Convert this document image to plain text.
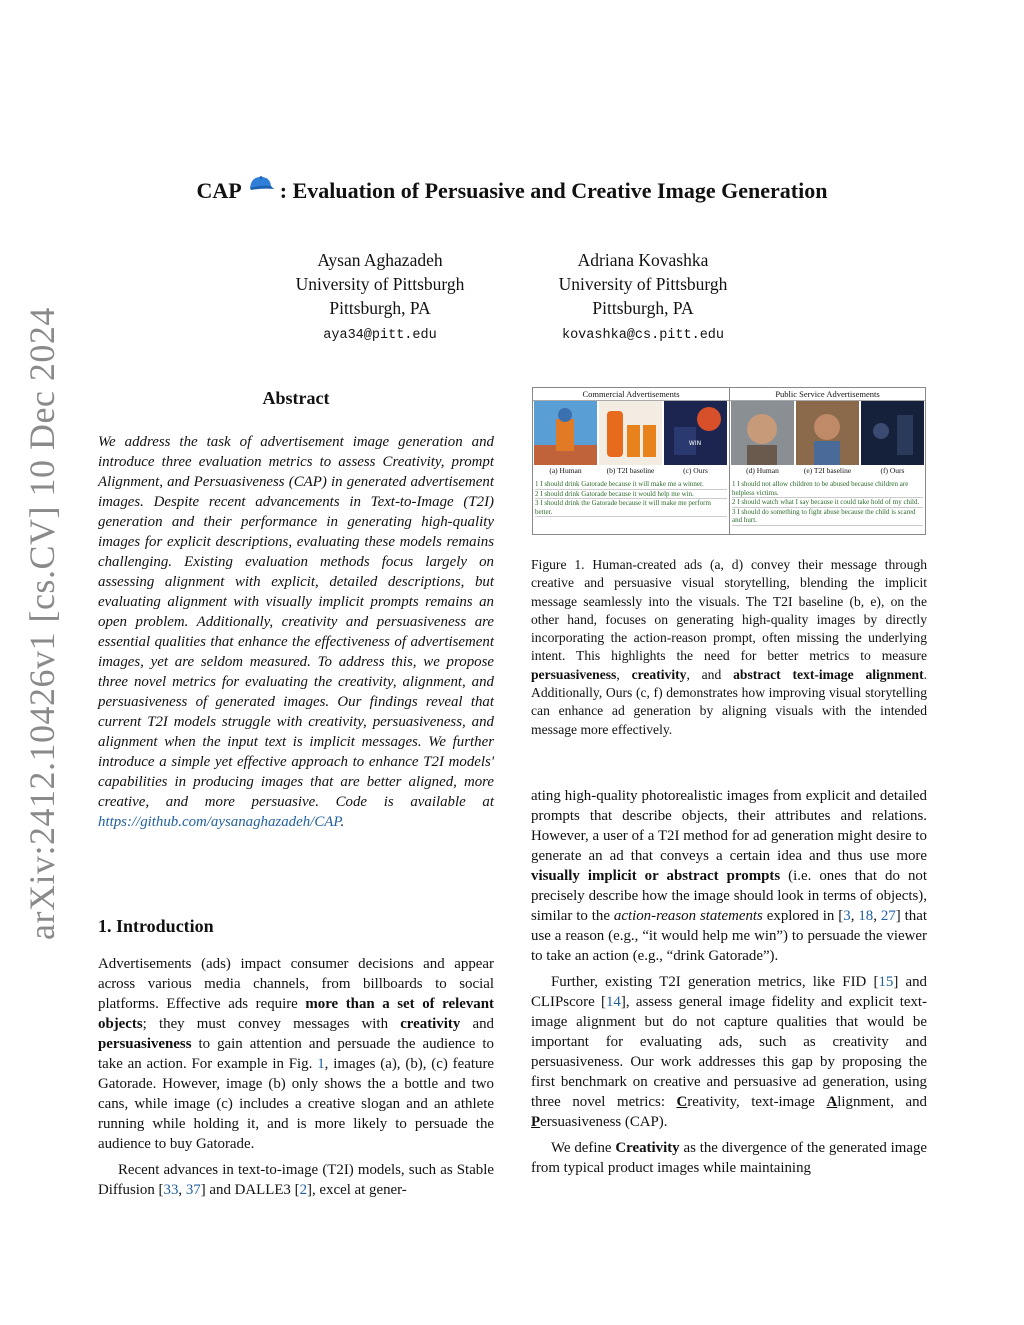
arXiv:2412.10426v1 [cs.CV] 10 Dec 2024
CAP : Evaluation of Persuasive and Creative Image Generation
Aysan Aghazadeh
University of Pittsburgh
Pittsburgh, PA
aya34@pitt.edu
Adriana Kovashka
University of Pittsburgh
Pittsburgh, PA
kovashka@cs.pitt.edu
Abstract
We address the task of advertisement image generation and introduce three evaluation metrics to assess Creativity, prompt Alignment, and Persuasiveness (CAP) in generated advertisement images. Despite recent advancements in Text-to-Image (T2I) generation and their performance in generating high-quality images for explicit descriptions, evaluating these models remains challenging. Existing evaluation methods focus largely on assessing alignment with explicit, detailed descriptions, but evaluating alignment with visually implicit prompts remains an open problem. Additionally, creativity and persuasiveness are essential qualities that enhance the effectiveness of advertisement images, yet are seldom measured. To address this, we propose three novel metrics for evaluating the creativity, alignment, and persuasiveness of generated images. Our findings reveal that current T2I models struggle with creativity, persuasiveness, and alignment when the input text is implicit messages. We further introduce a simple yet effective approach to enhance T2I models' capabilities in producing images that are better aligned, more creative, and more persuasive. Code is available at https://github.com/aysanaghazadeh/CAP.
1. Introduction

Advertisements (ads) impact consumer decisions and appear across various media channels, from billboards to social platforms. Effective ads require more than a set of relevant objects; they must convey messages with creativity and persuasiveness to gain attention and persuade the audience to take an action. For example in Fig. 1, images (a), (b), (c) feature Gatorade. However, image (b) only shows the a bottle and two cans, while image (c) includes a creative slogan and an athlete running while holding it, and is more likely to persuade the audience to buy Gatorade.

Recent advances in text-to-image (T2I) models, such as Stable Diffusion [33, 37] and DALLE3 [2], excel at gener-

Commercial Advertisements
WIN
(a) Human	(b) T2I baseline	(c) Ours
1 I should drink Gatorade because it will make me a winner.
2 I should drink Gatorade because it would help me win.
3 I should drink the Gatorade because it will make me perform better.
Public Service Advertisements
(d) Human	(e) T2I baseline	(f) Ours
1 I should not allow children to be abused because children are helpless victims.
2 I should watch what I say because it could take hold of my child.
3 I should do something to fight abuse because the child is scared and hurt.
Figure 1. Human-created ads (a, d) convey their message through creative and persuasive visual storytelling, blending the implicit message seamlessly into the visuals. The T2I baseline (b, e), on the other hand, focuses on generating high-quality images by directly incorporating the action-reason prompt, often missing the underlying intent. This highlights the need for better metrics to measure persuasiveness, creativity, and abstract text-image alignment. Additionally, Ours (c, f) demonstrates how improving visual storytelling can enhance ad generation by aligning visuals with the intended message more effectively.

ating high-quality photorealistic images from explicit and detailed prompts that describe objects, their attributes and relations. However, a user of a T2I method for ad generation might desire to generate an ad that conveys a certain idea and thus use more visually implicit or abstract prompts (i.e. ones that do not precisely describe how the image should look in terms of objects), similar to the action-reason statements explored in [3, 18, 27] that use a reason (e.g., “it would help me win”) to persuade the viewer to take an action (e.g., “drink Gatorade”).

Further, existing T2I generation metrics, like FID [15] and CLIPscore [14], assess general image fidelity and explicit text-image alignment but do not capture qualities that would be important for evaluating ads, such as creativity and persuasiveness. Our work addresses this gap by proposing the first benchmark on creative and persuasive ad generation, using three novel metrics: Creativity, text-image Alignment, and Persuasiveness (CAP).

We define Creativity as the divergence of the generated image from typical product images while maintaining
